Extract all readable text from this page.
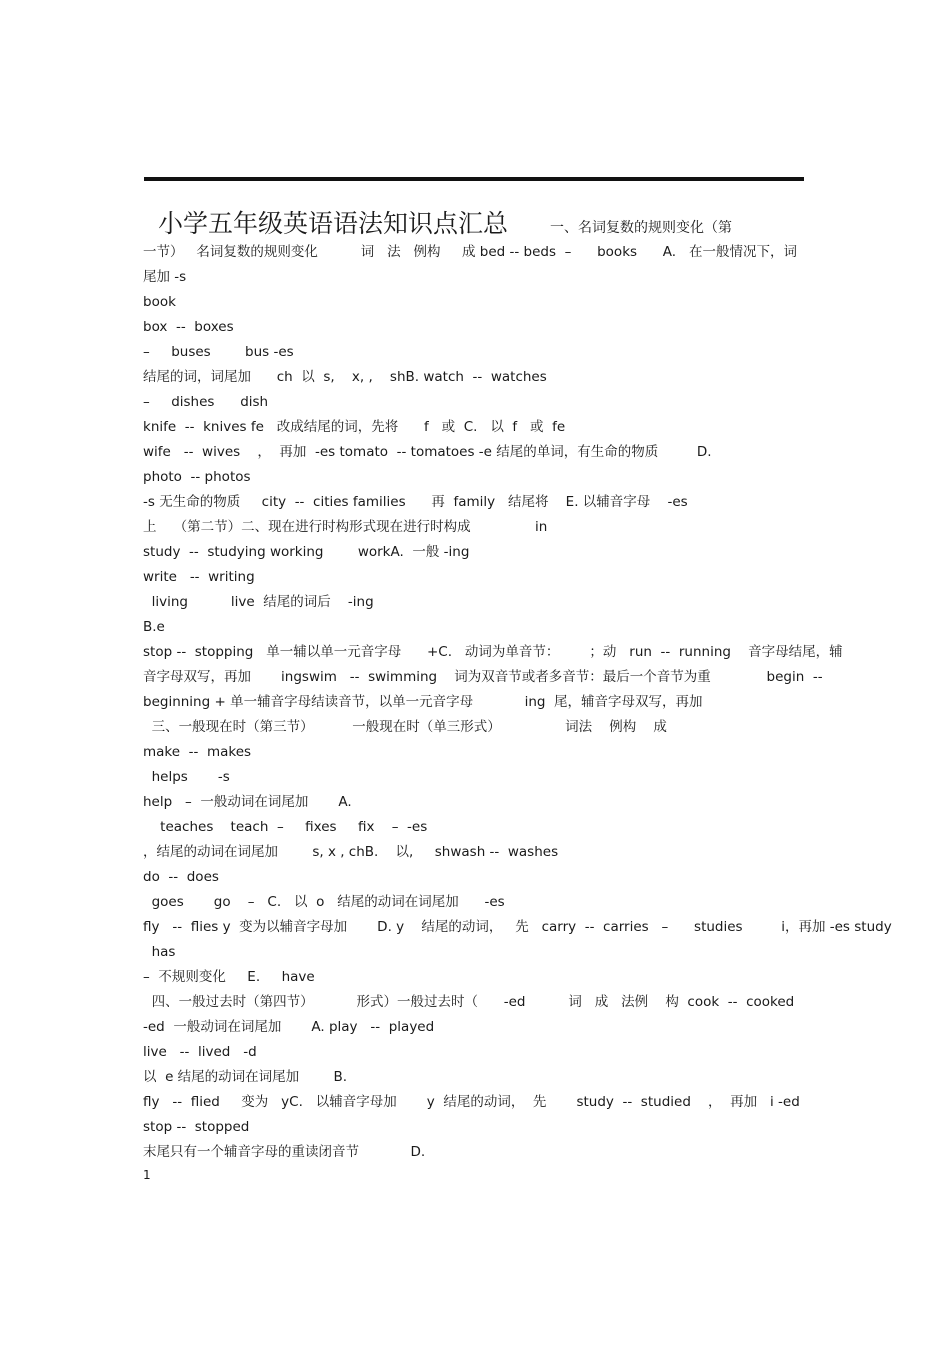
小学五年级英语语法知识点汇总	一、名词复数的规则变化（第
一节）   名词复数的规则变化          词   法   例构     成 bed -- beds  –      books      A.   在一般情况下，词
尾加 -s
book
box  --  boxes
–     buses        bus -es
结尾的词，词尾加      ch  以  s,    x, ,    shB. watch  --  watches
–     dishes      dish
knife  --  knives fe   改成结尾的词，先将      f   或  C.   以  f   或  fe
wife   --  wives    ，  再加  -es tomato  -- tomatoes -e 结尾的单词，有生命的物质         D.
photo  -- photos
-s 无生命的物质     city  --  cities families      再  family   结尾将    E. 以辅音字母    -es
上    （第二节）二、现在进行时构形式现在进行时构成               in
study  --  studying working        workA.  一般 -ing
write   --  writing
living          live  结尾的词后    -ing
B.e
stop --  stopping   单一辅以单一元音字母      +C.   动词为单音节：       ；动   run  --  running    音字母结尾，辅
音字母双写，再加       ingswim   --  swimming    词为双音节或者多音节：最后一个音节为重             begin  --
beginning + 单一辅音字母结读音节，以单一元音字母            ing  尾，辅音字母双写，再加
三、一般现在时（第三节）         一般现在时（单三形式）               词法    例构    成
make  --  makes
helps       -s
help   –  一般动词在词尾加       A.
teaches    teach  –     fixes     fix    –  -es
，结尾的动词在词尾加        s, x , chB.    以,     shwash --  washes
do  --  does
goes       go    –   C.   以  o   结尾的动词在词尾加      -es
fly   --  flies y  变为以辅音字母加       D. y    结尾的动词，   先   carry  --  carries   –      studies         i，再加 -es study
has
–  不规则变化     E.     have
四、一般过去时（第四节）          形式）一般过去时（      -ed          词   成   法例    构  cook  --  cooked
-ed  一般动词在词尾加       A. play   --  played
live   --  lived   -d
以  e 结尾的动词在词尾加        B.
fly   --  flied     变为   yC.   以辅音字母加       y  结尾的动词，  先       study  --  studied    ，  再加   i -ed
stop --  stopped
末尾只有一个辅音字母的重读闭音节            D.
1
